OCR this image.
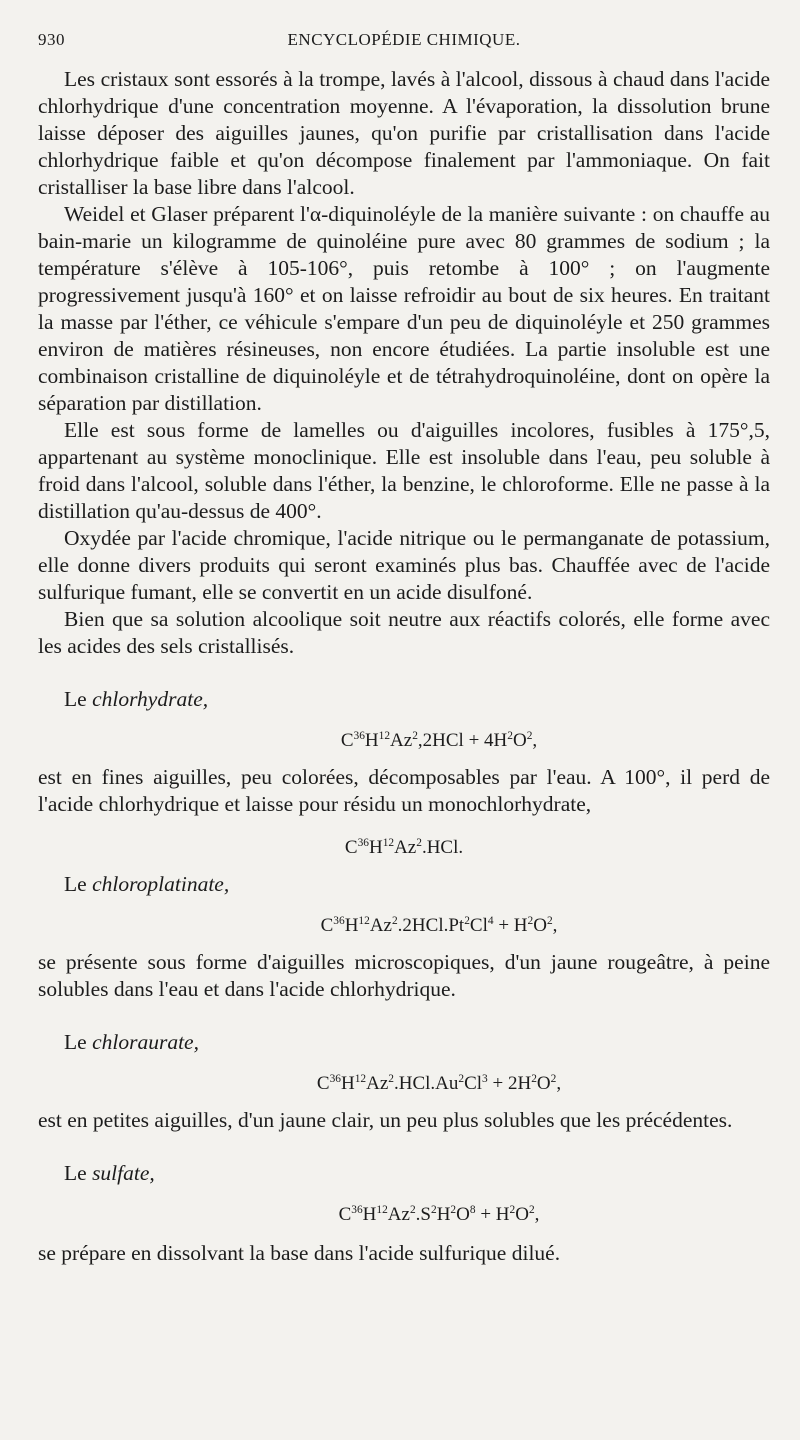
930	ENCYCLOPÉDIE CHIMIQUE.

Les cristaux sont essorés à la trompe, lavés à l'alcool, dissous à chaud dans l'acide chlorhydrique d'une concentration moyenne. A l'évaporation, la dissolution brune laisse déposer des aiguilles jaunes, qu'on purifie par cristallisation dans l'acide chlorhydrique faible et qu'on décompose finalement par l'ammoniaque. On fait cristalliser la base libre dans l'alcool.

Weidel et Glaser préparent l'α-diquinoléyle de la manière suivante : on chauffe au bain-marie un kilogramme de quinoléine pure avec 80 grammes de sodium ; la température s'élève à 105-106°, puis retombe à 100° ; on l'augmente progressivement jusqu'à 160° et on laisse refroidir au bout de six heures. En traitant la masse par l'éther, ce véhicule s'empare d'un peu de diquinoléyle et 250 grammes environ de matières résineuses, non encore étudiées. La partie insoluble est une combinaison cristalline de diquinoléyle et de tétrahydroquinoléine, dont on opère la séparation par distillation.

Elle est sous forme de lamelles ou d'aiguilles incolores, fusibles à 175°,5, appartenant au système monoclinique. Elle est insoluble dans l'eau, peu soluble à froid dans l'alcool, soluble dans l'éther, la benzine, le chloroforme. Elle ne passe à la distillation qu'au-dessus de 400°.

Oxydée par l'acide chromique, l'acide nitrique ou le permanganate de potassium, elle donne divers produits qui seront examinés plus bas. Chauffée avec de l'acide sulfurique fumant, elle se convertit en un acide disulfoné.

Bien que sa solution alcoolique soit neutre aux réactifs colorés, elle forme avec les acides des sels cristallisés.

Le chlorhydrate,

$C^{36}H^{12}Az^2,2HCl + 4H^2O^2$,

est en fines aiguilles, peu colorées, décomposables par l'eau. A 100°, il perd de l'acide chlorhydrique et laisse pour résidu un monochlorhydrate,

$C^{36}H^{12}Az^2.HCl$.

Le chloroplatinate,

$C^{36}H^{12}Az^2.2HCl.Pt^2Cl^4 + H^2O^2$,

se présente sous forme d'aiguilles microscopiques, d'un jaune rougeâtre, à peine solubles dans l'eau et dans l'acide chlorhydrique.

Le chloraurate,

$C^{36}H^{12}Az^2.HCl.Au^2Cl^3 + 2H^2O^2$,

est en petites aiguilles, d'un jaune clair, un peu plus solubles que les précédentes.

Le sulfate,

$C^{36}H^{12}Az^2.S^2H^2O^8 + H^2O^2$,

se prépare en dissolvant la base dans l'acide sulfurique dilué.
